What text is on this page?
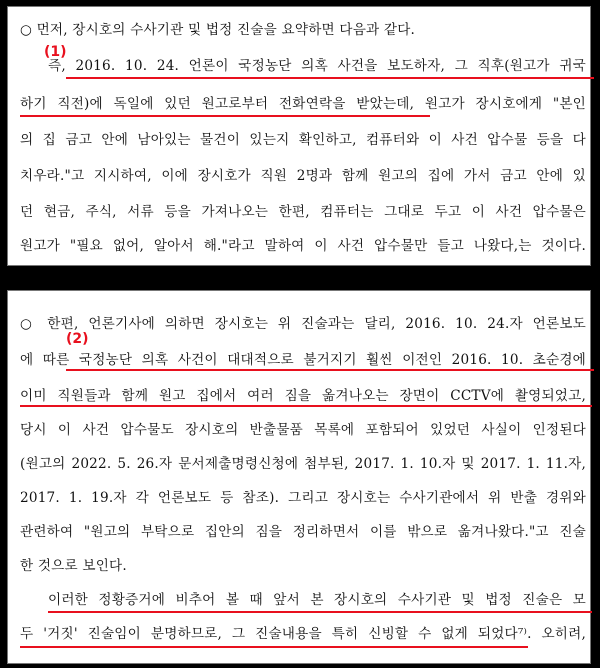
(1)
○ 먼저, 장시호의 수사기관 및 법정 진술을 요약하면 다음과 같다.
즉, 2016. 10. 24. 언론이 국정농단 의혹 사건을 보도하자, 그 직후(원고가 귀국
하기 직전)에 독일에 있던 원고로부터 전화연락을 받았는데, 원고가 장시호에게 "본인
의 집 금고 안에 남아있는 물건이 있는지 확인하고, 컴퓨터와 이 사건 압수물 등을 다
치우라."고 지시하여, 이에 장시호가 직원 2명과 함께 원고의 집에 가서 금고 안에 있
던 현금, 주식, 서류 등을 가져나오는 한편, 컴퓨터는 그대로 두고 이 사건 압수물은
원고가 "필요 없어, 알아서 해."라고 말하여 이 사건 압수물만 들고 나왔다,는 것이다.
(2)
○ 한편, 언론기사에 의하면 장시호는 위 진술과는 달리, 2016. 10. 24.자 언론보도
에 따른 국정농단 의혹 사건이 대대적으로 불거지기 훨씬 이전인 2016. 10. 초순경에
이미 직원들과 함께 원고 집에서 여러 짐을 옮겨나오는 장면이 CCTV에 촬영되었고,
당시 이 사건 압수물도 장시호의 반출물품 목록에 포함되어 있었던 사실이 인정된다
(원고의 2022. 5. 26.자 문서제출명령신청에 첨부된, 2017. 1. 10.자 및 2017. 1. 11.자,
2017. 1. 19.자 각 언론보도 등 참조). 그리고 장시호는 수사기관에서 위 반출 경위와
관련하여 "원고의 부탁으로 집안의 짐을 정리하면서 이를 밖으로 옮겨나왔다."고 진술
한 것으로 보인다.
이러한 정황증거에 비추어 볼 때 앞서 본 장시호의 수사기관 및 법정 진술은 모
두 '거짓' 진술임이 분명하므로, 그 진술내용을 특히 신빙할 수 없게 되었다⁷⁾. 오히려,
